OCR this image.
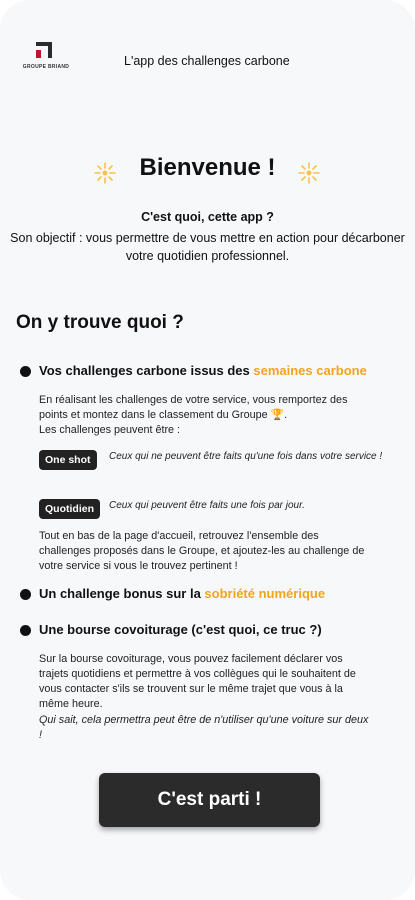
GROUPE BRIAND	L'app des challenges carbone
Bienvenue !
C'est quoi, cette app ?
Son objectif : vous permettre de vous mettre en action pour décarboner votre quotidien professionnel.
On y trouve quoi ?
Vos challenges carbone issus des semaines carbone
En réalisant les challenges de votre service, vous remportez des points et montez dans le classement du Groupe 🏆.
Les challenges peuvent être :
One shot	Ceux qui ne peuvent être faits qu'une fois dans votre service !
Quotidien	Ceux qui peuvent être faits une fois par jour.
Tout en bas de la page d'accueil, retrouvez l'ensemble des challenges proposés dans le Groupe, et ajoutez-les au challenge de votre service si vous le trouvez pertinent !
Un challenge bonus sur la sobriété numérique
Une bourse covoiturage (c'est quoi, ce truc ?)
Sur la bourse covoiturage, vous pouvez facilement déclarer vos trajets quotidiens et permettre à vos collègues qui le souhaitent de vous contacter s'ils se trouvent sur le même trajet que vous à la même heure.
Qui sait, cela permettra peut être de n'utiliser qu'une voiture sur deux !
C'est parti !
